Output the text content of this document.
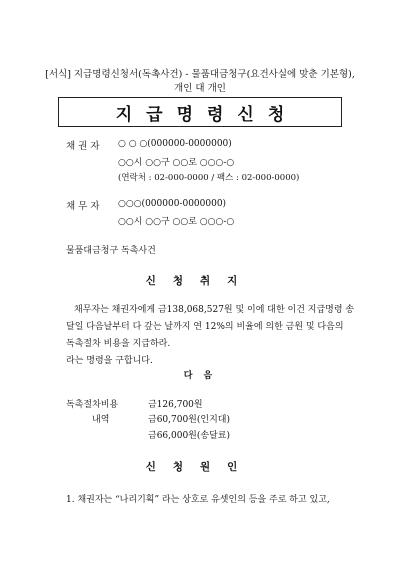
[서식] 지급명령신청서(독촉사건) - 물품대금청구(요건사실에 맞춘 기본형),
개인 대 개인
지급명령신청
채권자 ○ ○ ○(000000-0000000)
○○시 ○○구 ○○로 ○○○-○
(연락처 : 02-000-0000 / 팩스 : 02-000-0000)
채무자 ○○○(000000-0000000)
○○시 ○○구 ○○로 ○○○-○
물품대금청구 독촉사건
신청취지
채무자는 채권자에게 금138,068,527원 및 이에 대한 이건 지급명령 송
달일 다음날부터 다 갚는 날까지 연 12%의 비율에 의한 금원 및 다음의
독촉절차 비용을 지급하라.
라는 명령을 구합니다.
다 음
독촉절차비용	금126,700원
내역	금60,700원(인지대)
금66,000원(송달료)
신청원인
1. 채권자는 “나리기획” 라는 상호로 유셋인의 등을 주로 하고 있고,
